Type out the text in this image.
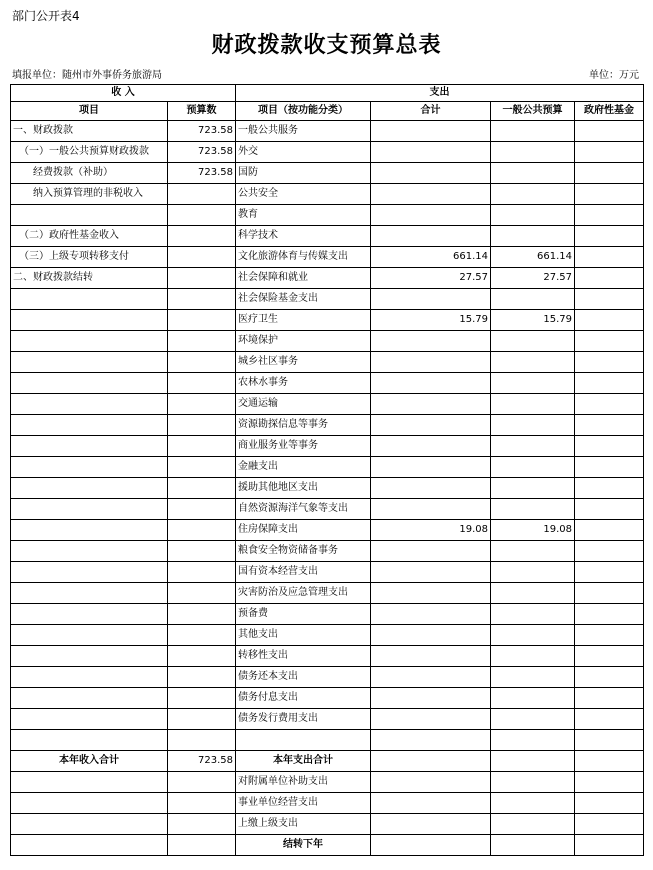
部门公开表4
财政拨款收支预算总表
填报单位：随州市外事侨务旅游局	单位：万元
收 入		支出			
项目	预算数	项目（按功能分类）	合计	一般公共预算	政府性基金
一、财政拨款	723.58	一般公共服务			
（一）一般公共预算财政拨款	723.58	外交			
经费拨款（补助）	723.58	国防			
纳入预算管理的非税收入		公共安全			
		教育			
（二）政府性基金收入		科学技术			
（三）上级专项转移支付		文化旅游体育与传媒支出	661.14	661.14	
二、财政拨款结转		社会保障和就业	27.57	27.57	
		社会保险基金支出			
		医疗卫生	15.79	15.79	
		环境保护			
		城乡社区事务			
		农林水事务			
		交通运输			
		资源勘探信息等事务			
		商业服务业等事务			
		金融支出			
		援助其他地区支出			
		自然资源海洋气象等支出			
		住房保障支出	19.08	19.08	
		粮食安全物资储备事务			
		国有资本经营支出			
		灾害防治及应急管理支出			
		预备费			
		其他支出			
		转移性支出			
		债务还本支出			
		债务付息支出			
		债务发行费用支出			

本年收入合计	723.58	本年支出合计			
		对附属单位补助支出			
		事业单位经营支出			
		上缴上级支出			
		结转下年			
